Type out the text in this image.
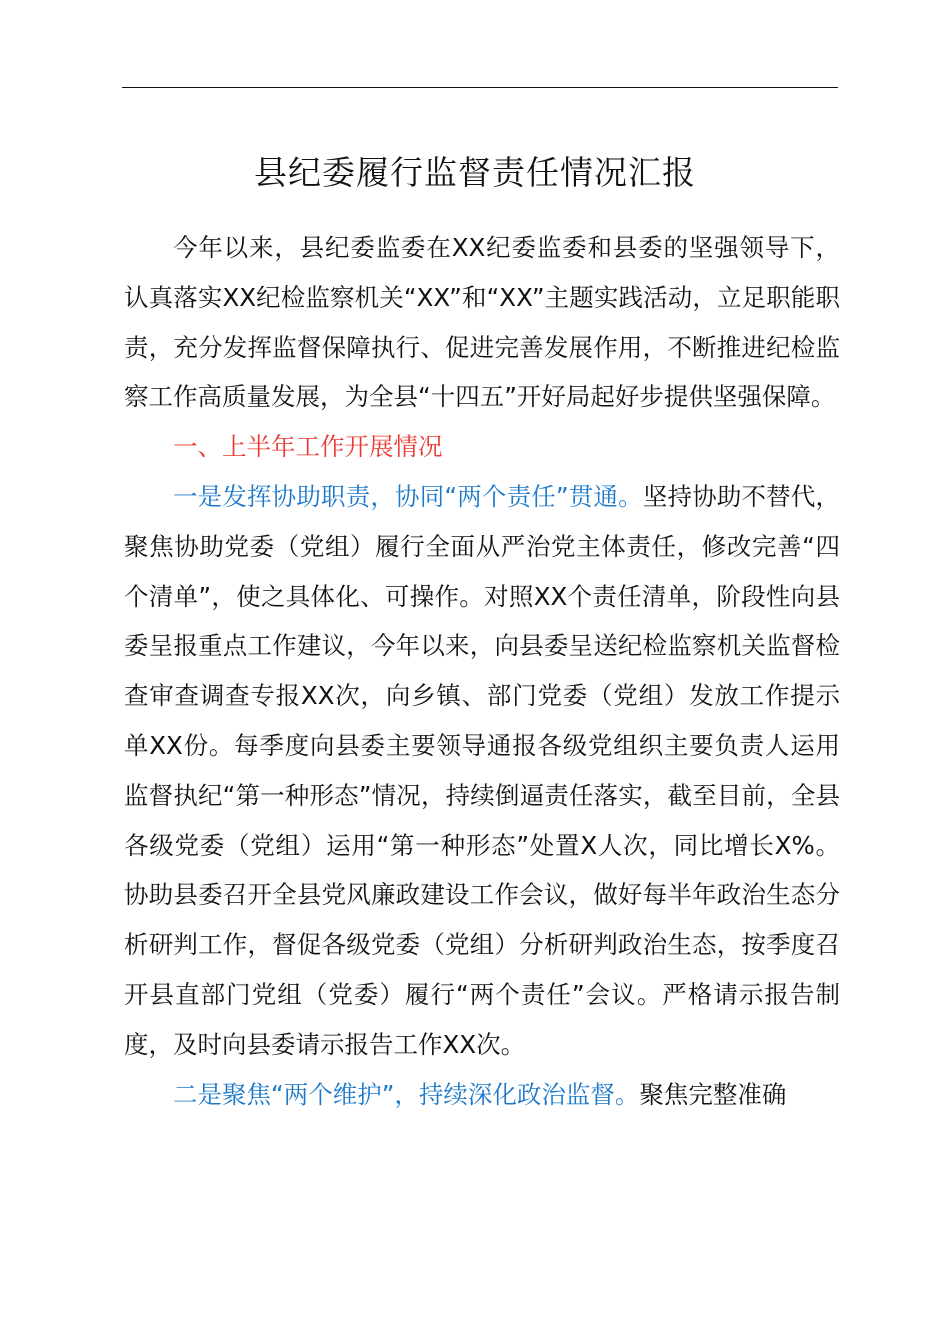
县纪委履行监督责任情况汇报

今年以来，县纪委监委在XX纪委监委和县委的坚强领导下，认真落实XX纪检监察机关“XX”和“XX”主题实践活动，立足职能职责，充分发挥监督保障执行、促进完善发展作用，不断推进纪检监察工作高质量发展，为全县“十四五”开好局起好步提供坚强保障。

一、上半年工作开展情况

一是发挥协助职责，协同“两个责任”贯通。坚持协助不替代，聚焦协助党委（党组）履行全面从严治党主体责任，修改完善“四个清单”，使之具体化、可操作。对照XX个责任清单，阶段性向县委呈报重点工作建议，今年以来，向县委呈送纪检监察机关监督检查审查调查专报XX次，向乡镇、部门党委（党组）发放工作提示单XX份。每季度向县委主要领导通报各级党组织主要负责人运用监督执纪“第一种形态”情况，持续倒逼责任落实，截至目前，全县各级党委（党组）运用“第一种形态”处置X人次，同比增长X%。协助县委召开全县党风廉政建设工作会议，做好每半年政治生态分析研判工作，督促各级党委（党组）分析研判政治生态，按季度召开县直部门党组（党委）履行“两个责任”会议。严格请示报告制度，及时向县委请示报告工作XX次。

二是聚焦“两个维护”，持续深化政治监督。聚焦完整准确
